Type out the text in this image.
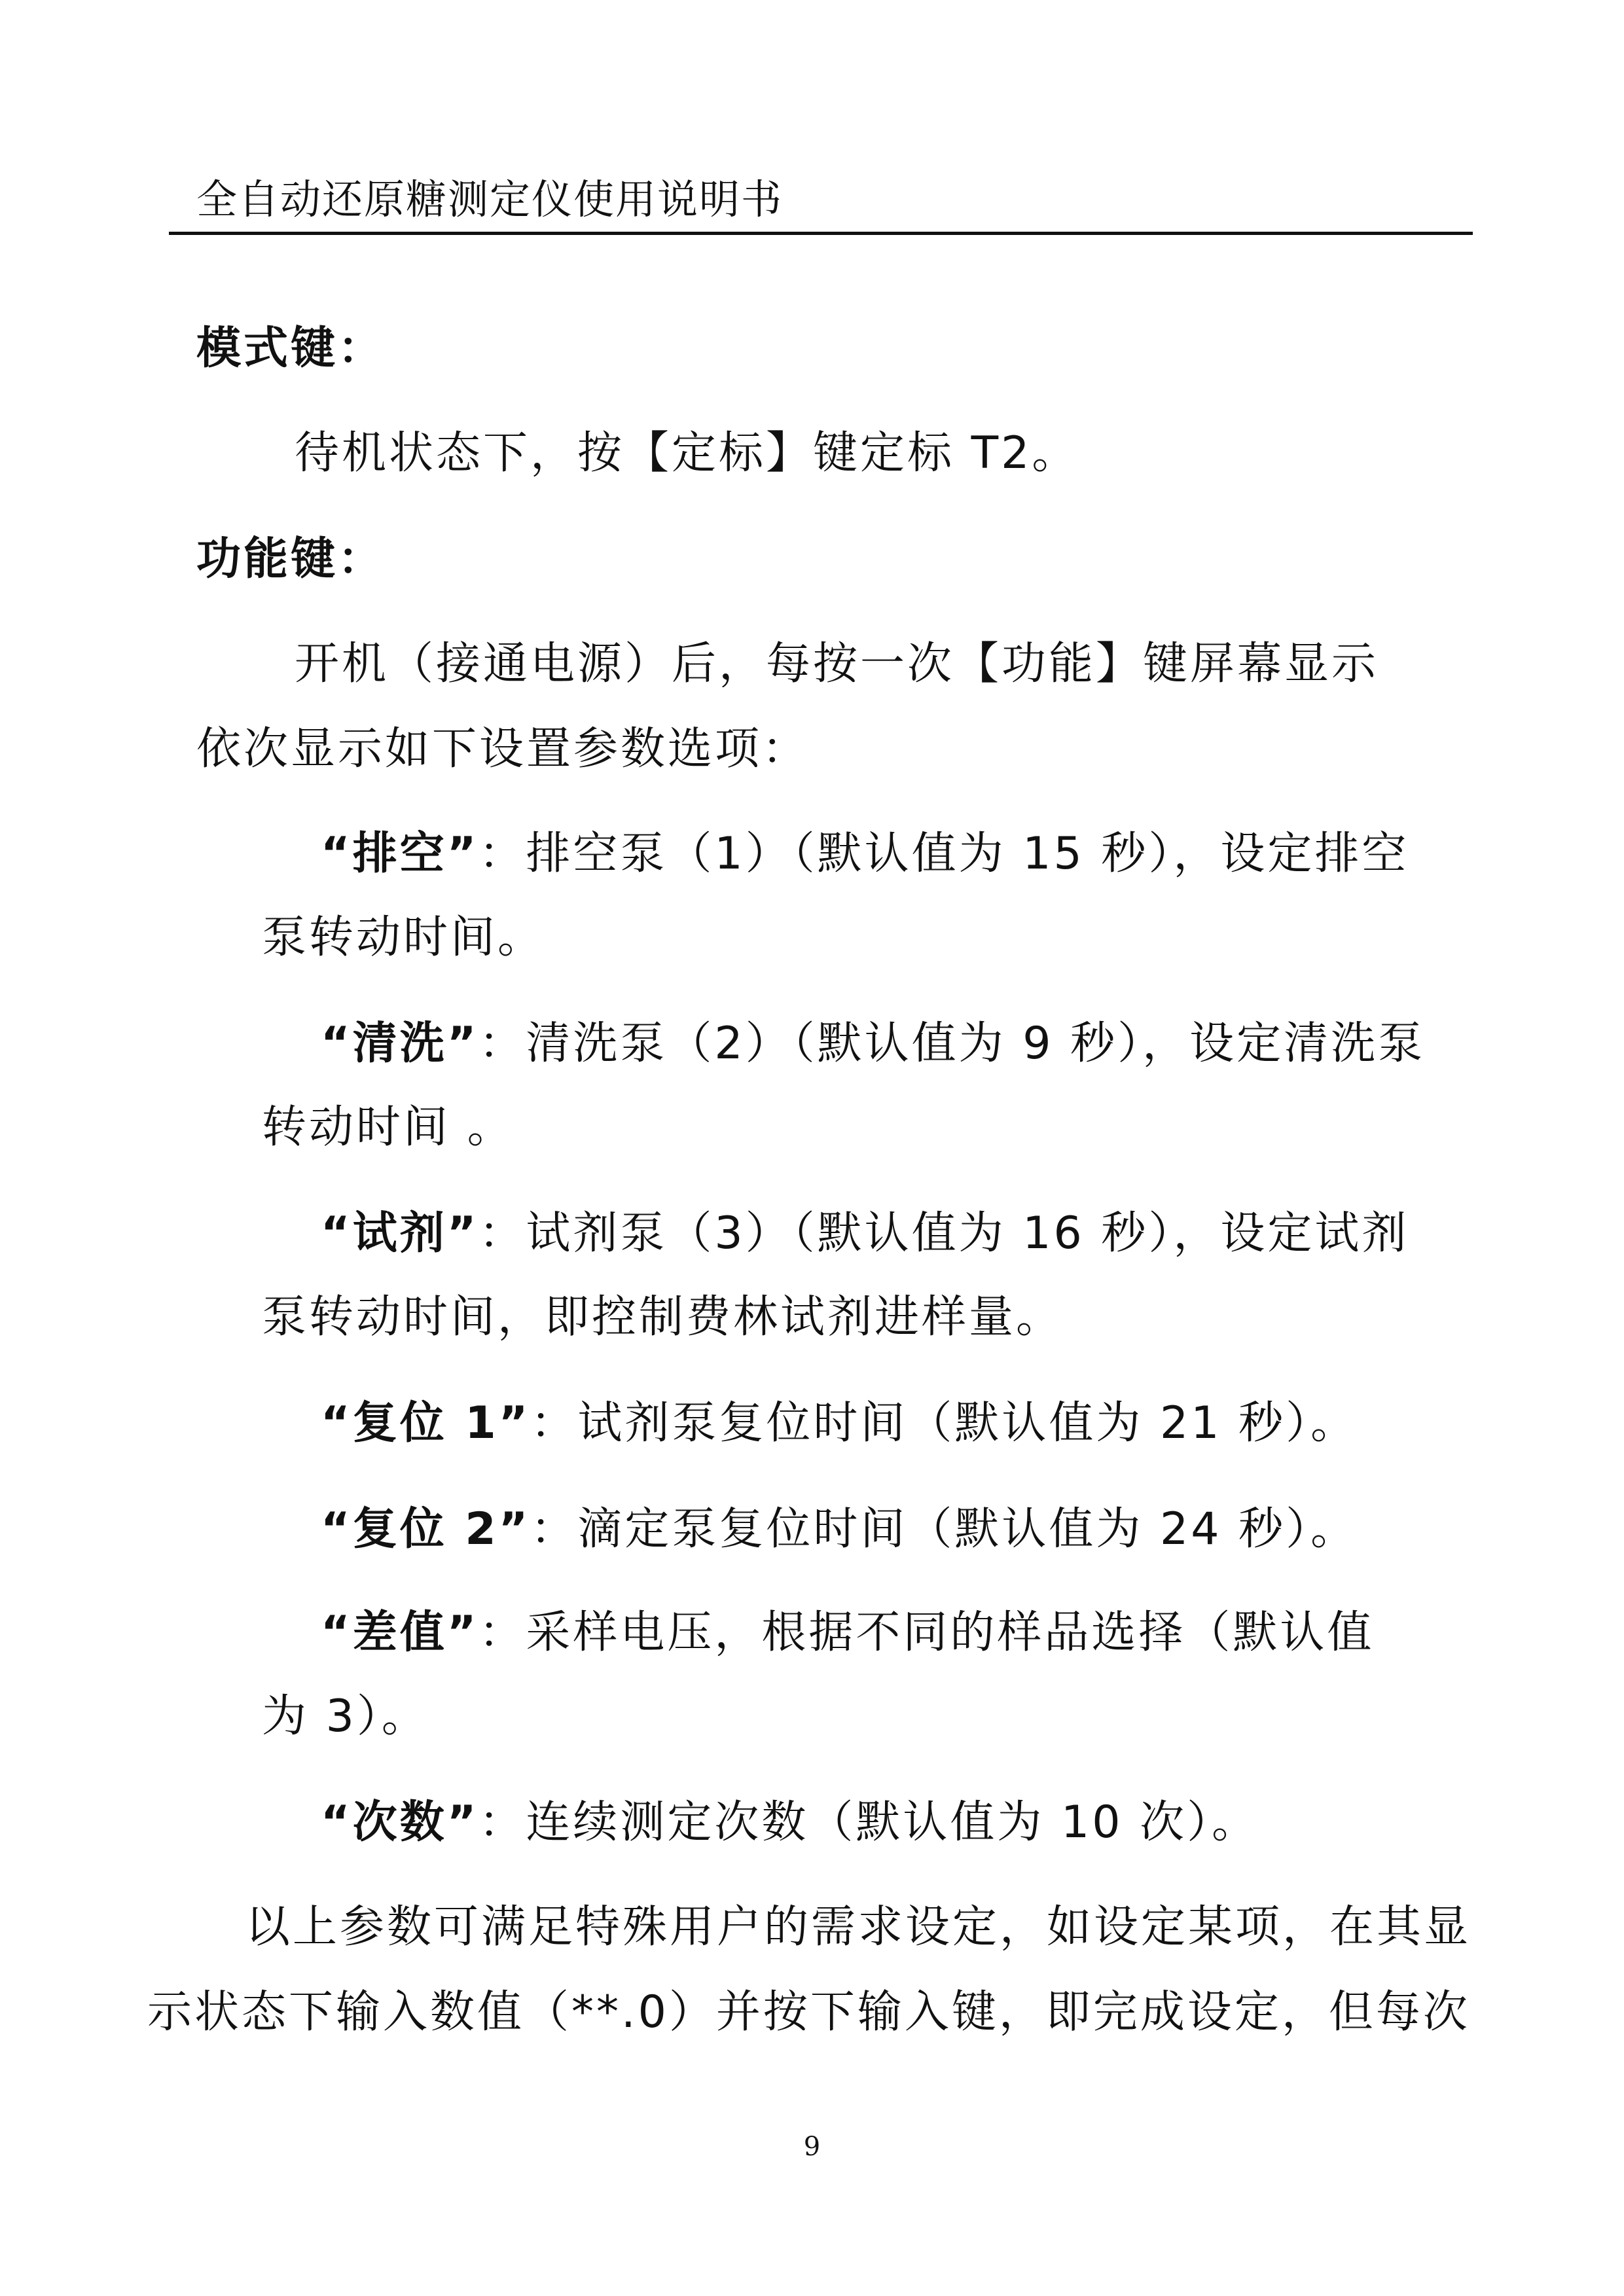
全自动还原糖测定仪使用说明书
模式键：
待机状态下，按【定标】键定标 T2。
功能键：
开机（接通电源）后，每按一次【功能】键屏幕显示
依次显示如下设置参数选项：
“排空”：排空泵（1）（默认值为 15 秒），设定排空
泵转动时间。
“清洗”：清洗泵（2）（默认值为 9 秒），设定清洗泵
转动时间 。
“试剂”：试剂泵（3）（默认值为 16 秒），设定试剂
泵转动时间，即控制费林试剂进样量。
“复位 1”：试剂泵复位时间（默认值为 21 秒）。
“复位 2”：滴定泵复位时间（默认值为 24 秒）。
“差值”：采样电压，根据不同的样品选择（默认值
为 3）。
“次数”：连续测定次数（默认值为 10 次）。
以上参数可满足特殊用户的需求设定，如设定某项，在其显
示状态下输入数值（**.0）并按下输入键，即完成设定，但每次
9
